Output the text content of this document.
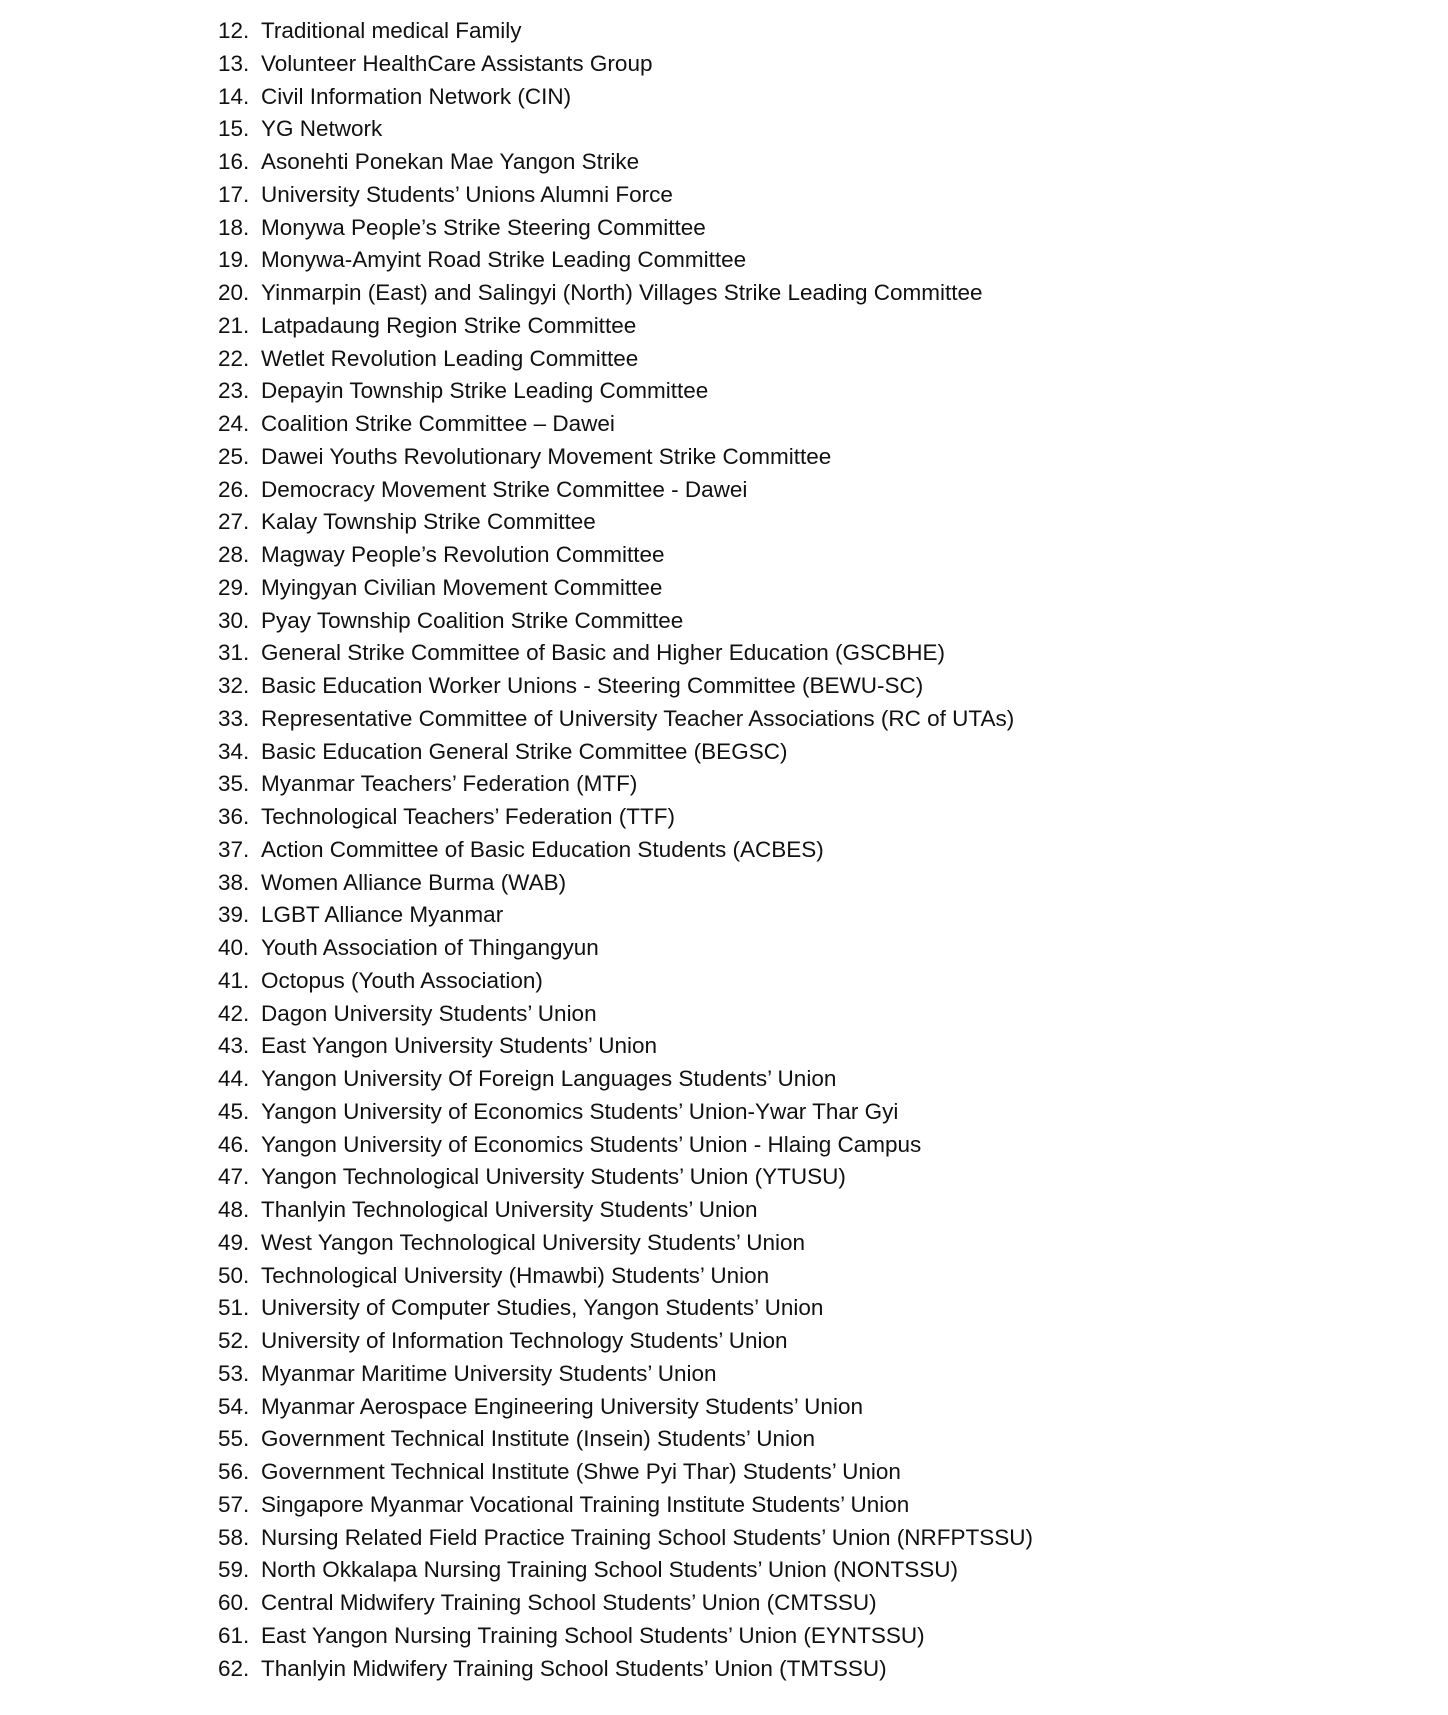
12. Traditional medical Family
13. Volunteer HealthCare Assistants Group
14. Civil Information Network (CIN)
15. YG Network
16. Asonehti Ponekan Mae Yangon Strike
17. University Students’ Unions Alumni Force
18. Monywa People’s Strike Steering Committee
19. Monywa-Amyint Road Strike Leading Committee
20. Yinmarpin (East) and Salingyi (North) Villages Strike Leading Committee
21. Latpadaung Region Strike Committee
22. Wetlet Revolution Leading Committee
23. Depayin Township Strike Leading Committee
24. Coalition Strike Committee – Dawei
25. Dawei Youths Revolutionary Movement Strike Committee
26. Democracy Movement Strike Committee - Dawei
27. Kalay Township Strike Committee
28. Magway People’s Revolution Committee
29. Myingyan Civilian Movement Committee
30. Pyay Township Coalition Strike Committee
31. General Strike Committee of Basic and Higher Education (GSCBHE)
32. Basic Education Worker Unions - Steering Committee (BEWU-SC)
33. Representative Committee of University Teacher Associations (RC of UTAs)
34. Basic Education General Strike Committee (BEGSC)
35. Myanmar Teachers’ Federation (MTF)
36. Technological Teachers’ Federation (TTF)
37. Action Committee of Basic Education Students (ACBES)
38. Women Alliance Burma (WAB)
39. LGBT Alliance Myanmar
40. Youth Association of Thingangyun
41. Octopus (Youth Association)
42. Dagon University Students’ Union
43. East Yangon University Students’ Union
44. Yangon University Of Foreign Languages Students’ Union
45. Yangon University of Economics Students’ Union-Ywar Thar Gyi
46. Yangon University of Economics Students’ Union - Hlaing Campus
47. Yangon Technological University Students’ Union (YTUSU)
48. Thanlyin Technological University Students’ Union
49. West Yangon Technological University Students’ Union
50. Technological University (Hmawbi) Students’ Union
51. University of Computer Studies, Yangon Students’ Union
52. University of Information Technology Students’ Union
53. Myanmar Maritime University Students’ Union
54. Myanmar Aerospace Engineering University Students’ Union
55. Government Technical Institute (Insein) Students’ Union
56. Government Technical Institute (Shwe Pyi Thar) Students’ Union
57. Singapore Myanmar Vocational Training Institute Students’ Union
58. Nursing Related Field Practice Training School Students’ Union (NRFPTSSU)
59. North Okkalapa Nursing Training School Students’ Union (NONTSSU)
60. Central Midwifery Training School Students’ Union (CMTSSU)
61. East Yangon Nursing Training School Students’ Union (EYNTSSU)
62. Thanlyin Midwifery Training School Students’ Union (TMTSSU)
